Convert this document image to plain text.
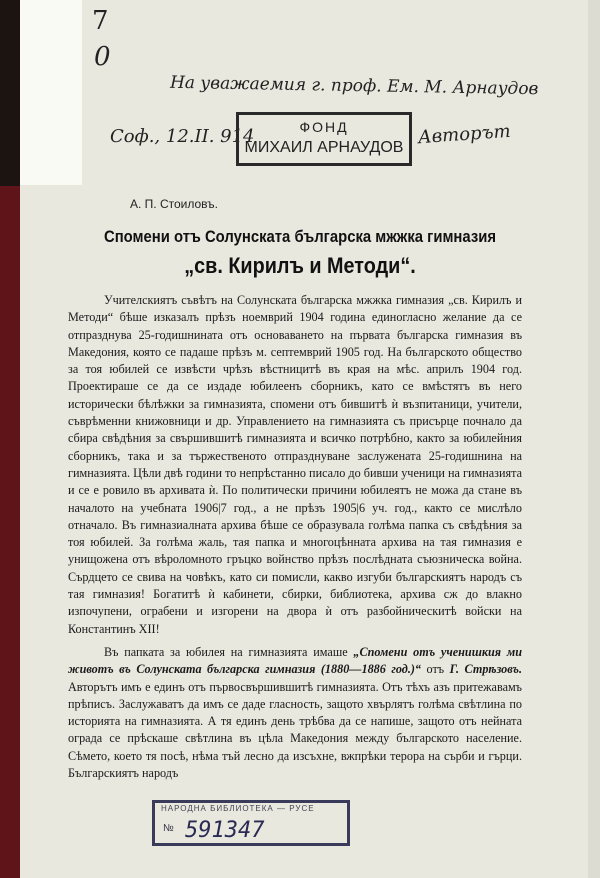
7
0
На уважаемия г. проф. Ем. М. Арнаудов
Соф., 12.II. 914	Авторът
ФОНД
МИХАИЛ АРНАУДОВ
А. П. Стоиловъ.
Спомени отъ Солунската българска мжжка гимназия
„св. Кирилъ и Методи“.

Учителскиятъ съвѣтъ на Солунската българска мжжка гимназия „св. Кирилъ и Методи“ бѣше изказалъ прѣзъ ноемврий 1904 година единогласно желание да се отпразднува 25-годишнината отъ основаването на първата българска гимназия въ Македония, която се падаше прѣзъ м. септемврий 1905 год. На българското общество за тоя юбилей се извѣсти чрѣзъ вѣстницитѣ въ края на мѣс. априлъ 1904 год. Проектираше се да се издаде юбилеенъ сборникъ, като се вмѣстятъ въ него исторически бѣлѣжки за гимназията, спомени отъ бившитѣ ѝ възпитаници, учители, съврѣменни книжовници и др. Управлението на гимназията съ присърце почнало да сбира свѣдѣния за свършившитѣ гимназията и всичко потрѣбно, както за юбилейния сборникъ, така и за тържественото отпразднуване заслужената 25-годишнина на гимназията. Цѣли двѣ години то непрѣстанно писало до бивши ученици на гимназията и се е ровило въ архивата ѝ. По политически причини юбилеятъ не можа да стане въ началото на учебната 1906|7 год., а не прѣзъ 1905|6 уч. год., както се мислѣло отначало. Въ гимназиалната архива бѣше се образувала голѣма папка съ свѣдѣния за тоя юбилей. За голѣма жаль, тая папка и многоцѣнната архива на тая гимназия е унищожена отъ вѣроломното гръцко войнство прѣзъ послѣдната съюзническа война. Сърдцето се свива на човѣкъ, като си помисли, какво изгуби българскиятъ народъ съ тая гимназия! Богатитѣ ѝ кабинети, сбирки, библиотека, архива сж до влакно изпочупени, ограбени и изгорени на двора ѝ отъ разбойническитѣ войски на Константинъ XII!

Въ папката за юбилея на гимназията имаше „Спомени отъ ученишкия ми животъ въ Солунската българска гимназия (1880—1886 год.)“ отъ Г. Стрѣзовъ. Авторътъ имъ е единъ отъ първосвършившитѣ гимназията. Отъ тѣхъ азъ притежавамъ прѣписъ. Заслужаватъ да имъ се даде гласность, защото хвърлятъ голѣма свѣтлина по историята на гимназията. А тя единъ день трѣбва да се напише, защото отъ нейната ограда се прѣскаше свѣтлина въ цѣла Македония между българското население. Сѣмето, което тя посѣ, нѣма тъй лесно да изсъхне, вжпрѣки терора на сърби и гърци. Българскиятъ народъ

НАРОДНА БИБЛИОТЕКА — РУСЕ
№ 591347
